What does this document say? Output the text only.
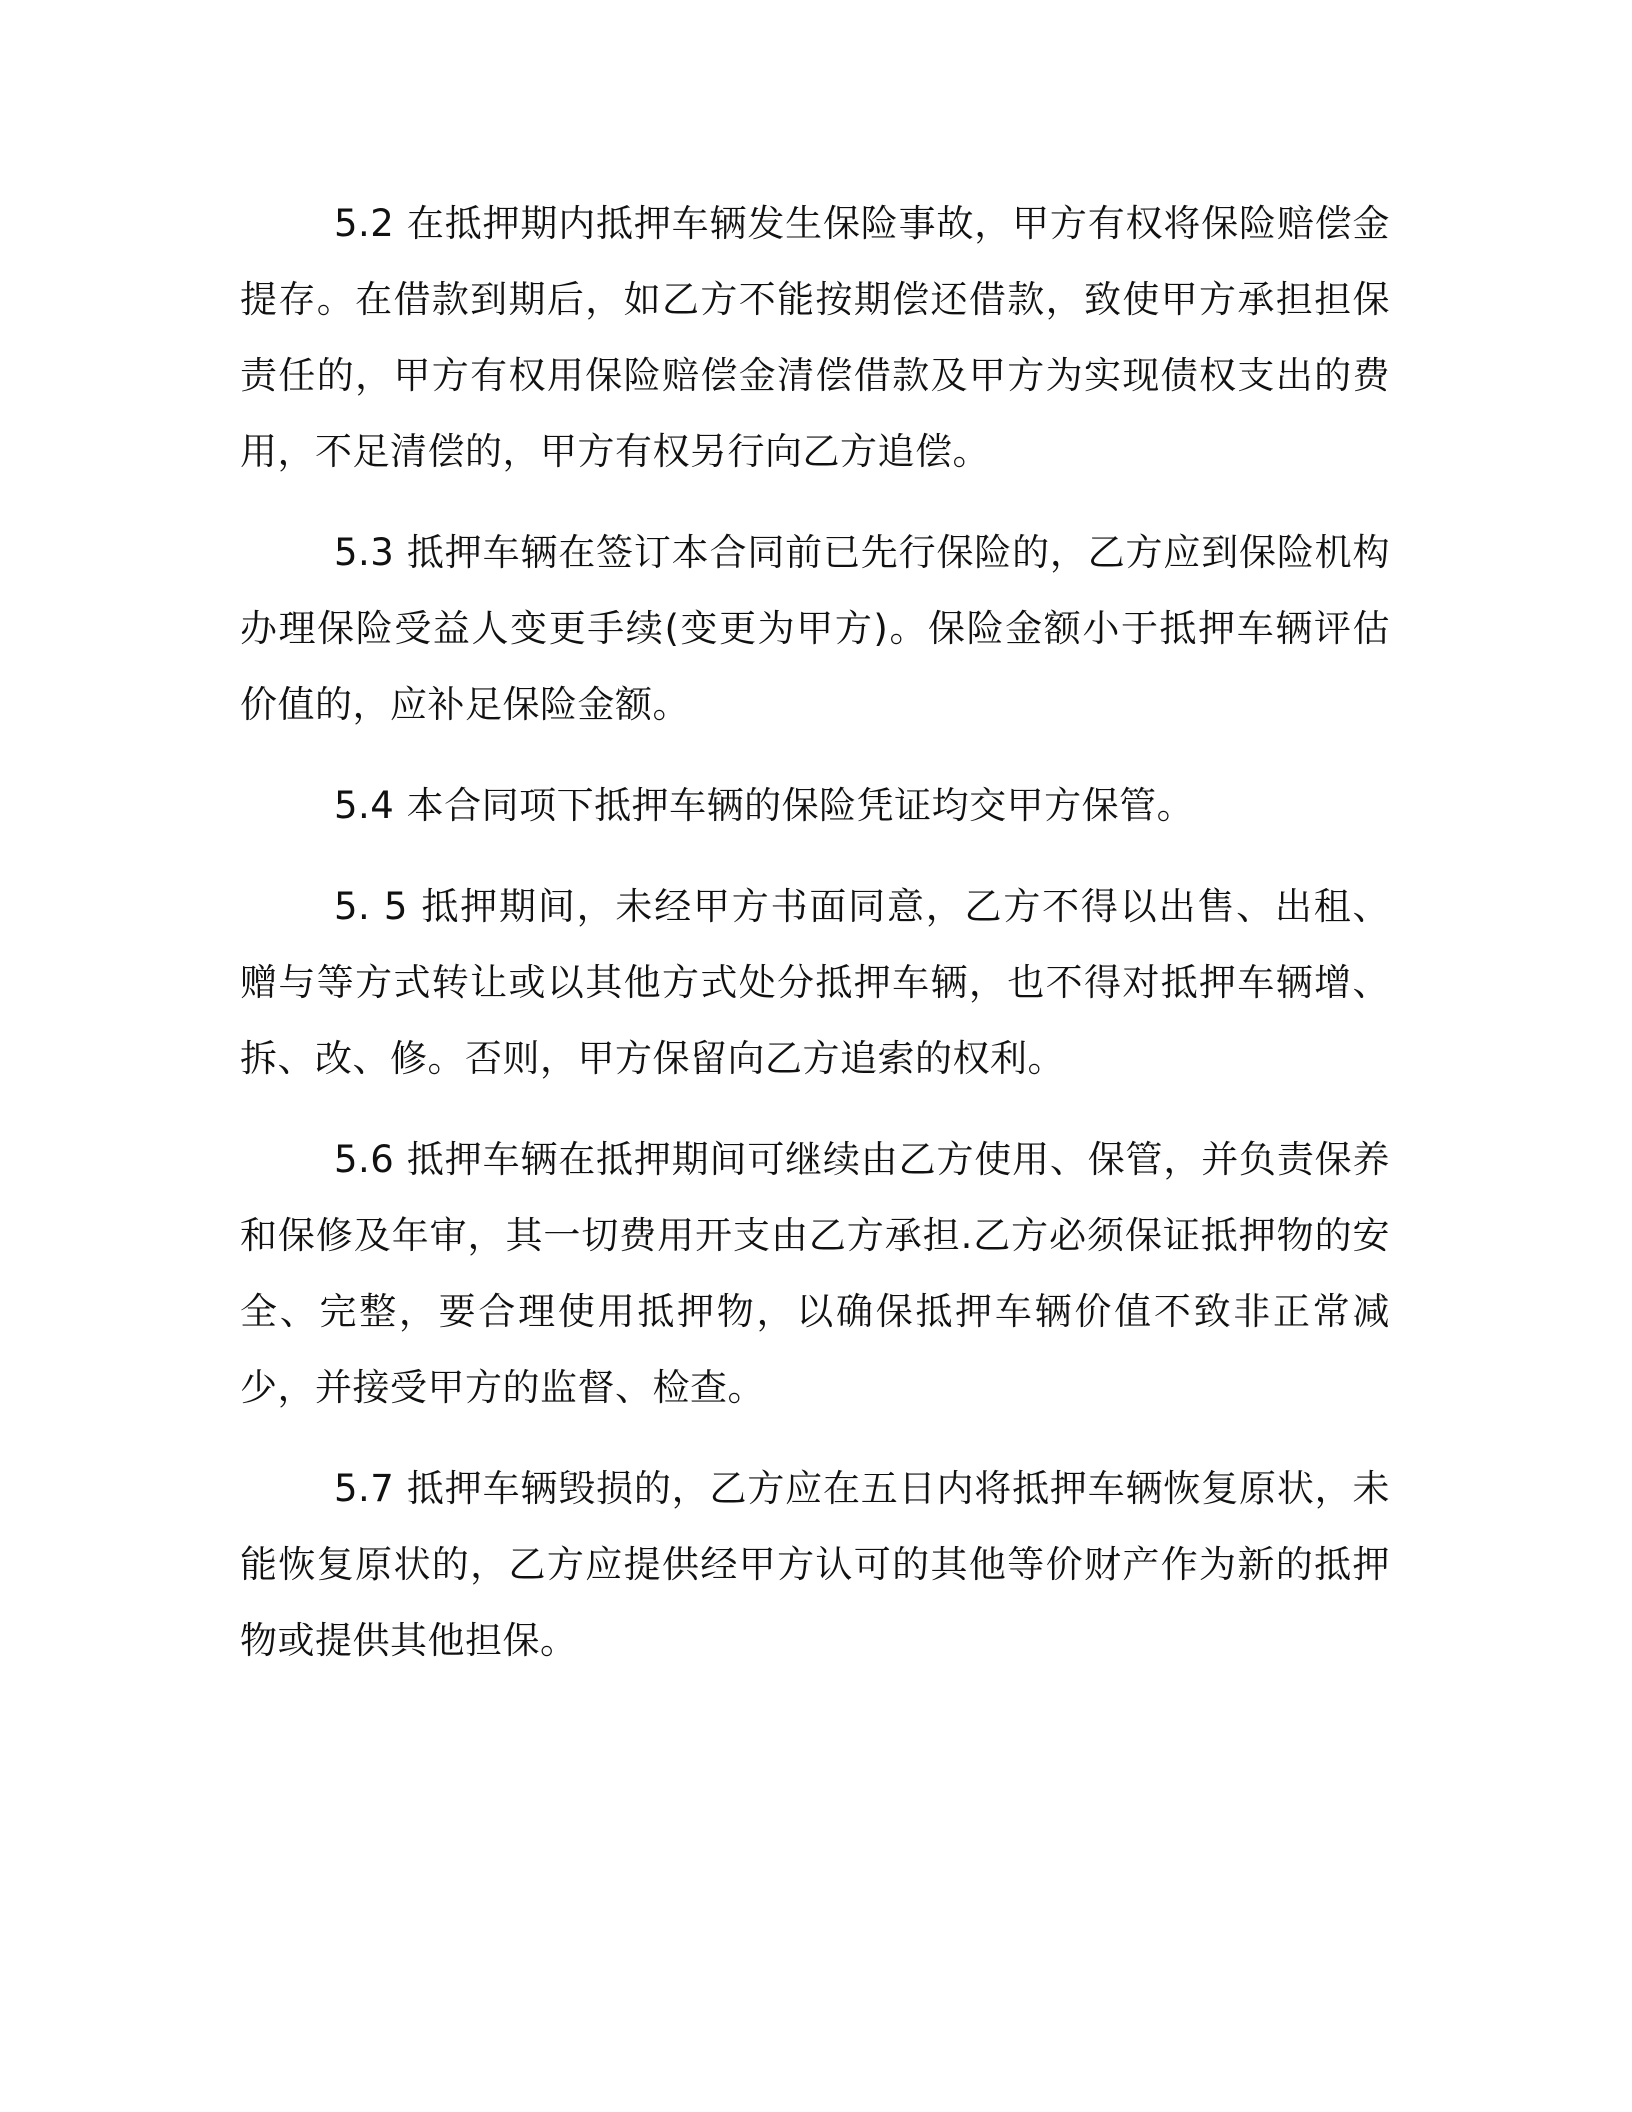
5.2 在抵押期内抵押车辆发生保险事故，甲方有权将保险赔偿金提存。在借款到期后，如乙方不能按期偿还借款，致使甲方承担担保责任的，甲方有权用保险赔偿金清偿借款及甲方为实现债权支出的费用，不足清偿的，甲方有权另行向乙方追偿。

5.3 抵押车辆在签订本合同前已先行保险的，乙方应到保险机构办理保险受益人变更手续(变更为甲方)。保险金额小于抵押车辆评估价值的，应补足保险金额。

5.4 本合同项下抵押车辆的保险凭证均交甲方保管。

5. 5 抵押期间，未经甲方书面同意，乙方不得以出售、出租、赠与等方式转让或以其他方式处分抵押车辆，也不得对抵押车辆增、拆、改、修。否则，甲方保留向乙方追索的权利。

5.6 抵押车辆在抵押期间可继续由乙方使用、保管，并负责保养和保修及年审，其一切费用开支由乙方承担.乙方必须保证抵押物的安全、完整，要合理使用抵押物，以确保抵押车辆价值不致非正常减少，并接受甲方的监督、检查。

5.7 抵押车辆毁损的，乙方应在五日内将抵押车辆恢复原状，未能恢复原状的，乙方应提供经甲方认可的其他等价财产作为新的抵押物或提供其他担保。
